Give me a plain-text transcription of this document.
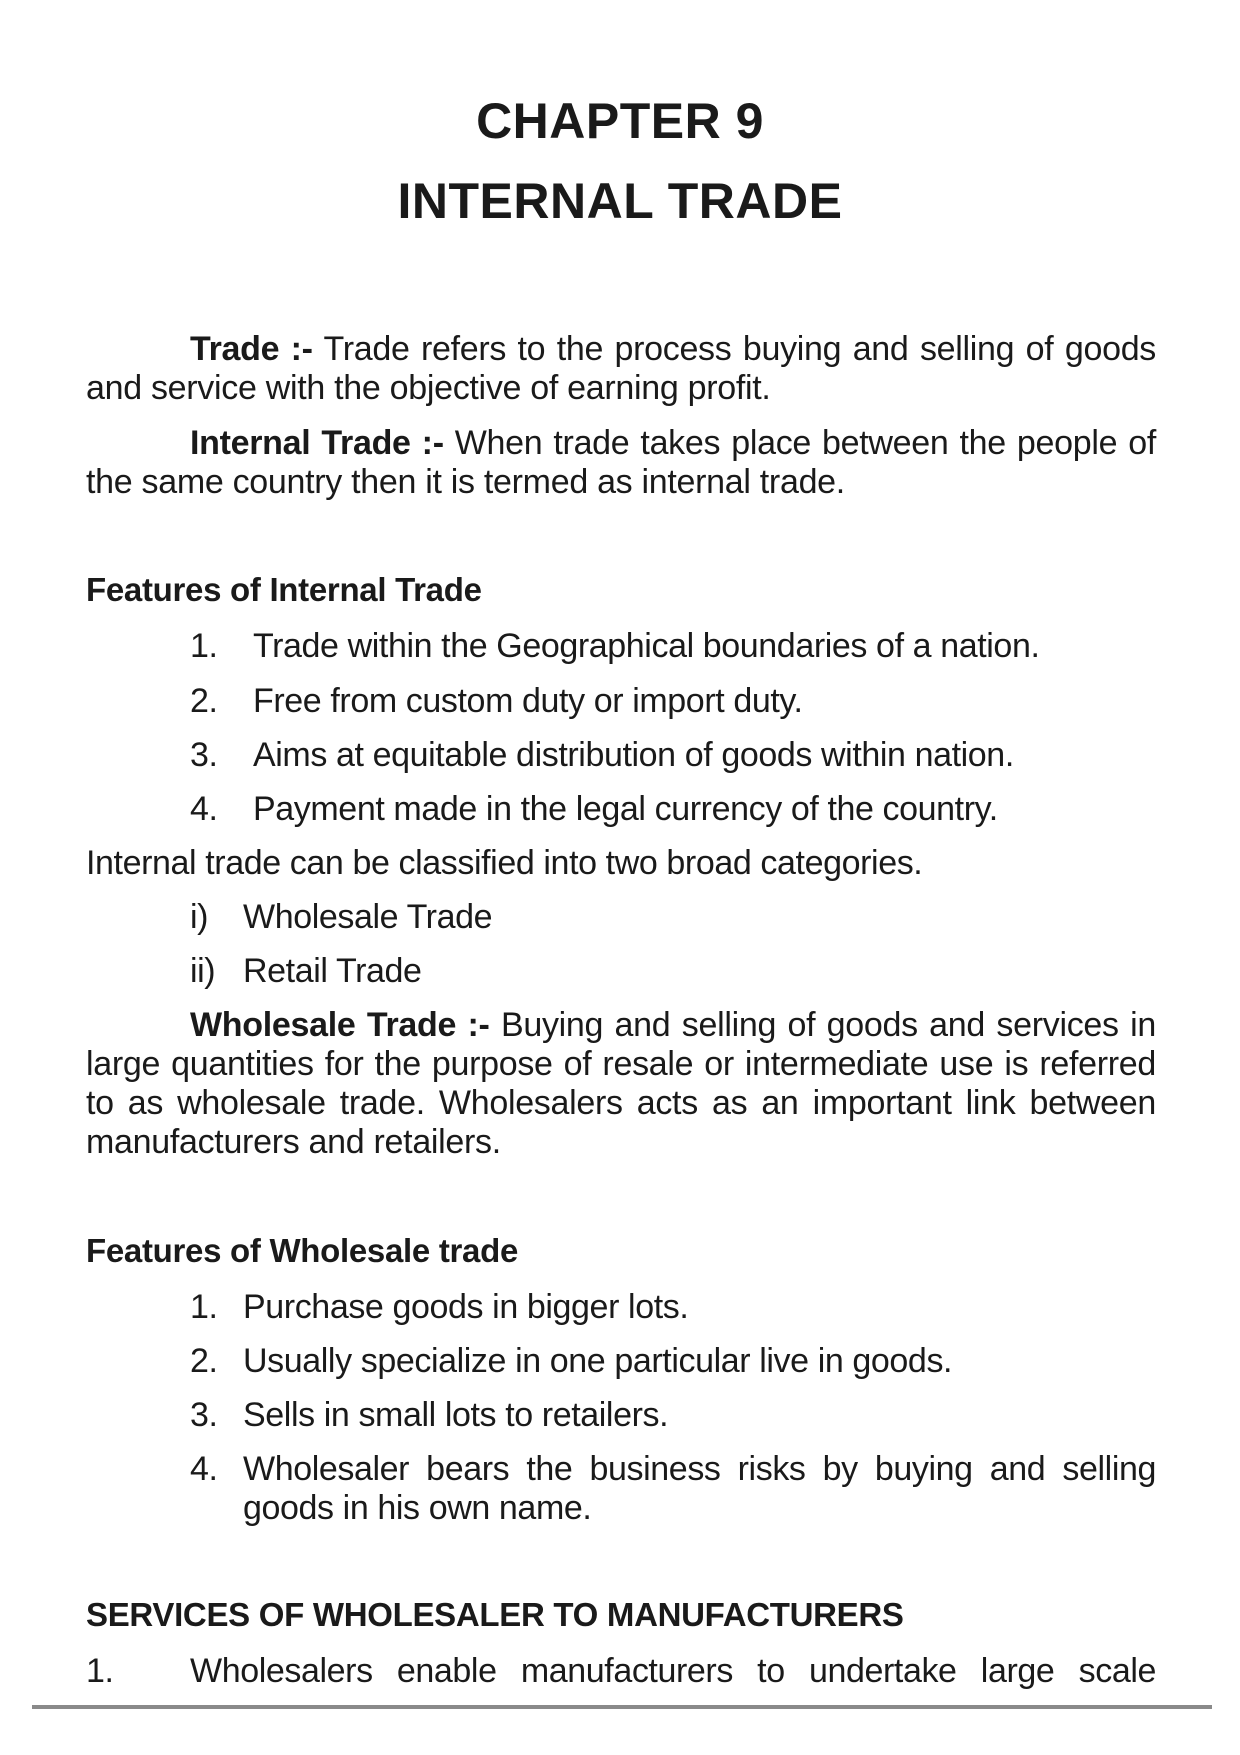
CHAPTER 9
INTERNAL TRADE
Trade :- Trade refers to the process buying and selling of goods and service with the objective of earning profit.
Internal Trade :- When trade takes place between the people of the same country then it is termed as internal trade.
Features of Internal Trade
1. Trade within the Geographical boundaries of a nation.
2. Free from custom duty or import duty.
3. Aims at equitable distribution of goods within nation.
4. Payment made in the legal currency of the country.
Internal trade can be classified into two broad categories.
i) Wholesale Trade
ii) Retail Trade
Wholesale Trade :- Buying and selling of goods and services in large quantities for the purpose of resale or intermediate use is referred to as wholesale trade. Wholesalers acts as an important link between manufacturers and retailers.
Features of Wholesale trade
1. Purchase goods in bigger lots.
2. Usually specialize in one particular live in goods.
3. Sells in small lots to retailers.
4. Wholesaler bears the business risks by buying and selling goods in his own name.
SERVICES OF WHOLESALER TO MANUFACTURERS
1. Wholesalers enable manufacturers to undertake large scale
